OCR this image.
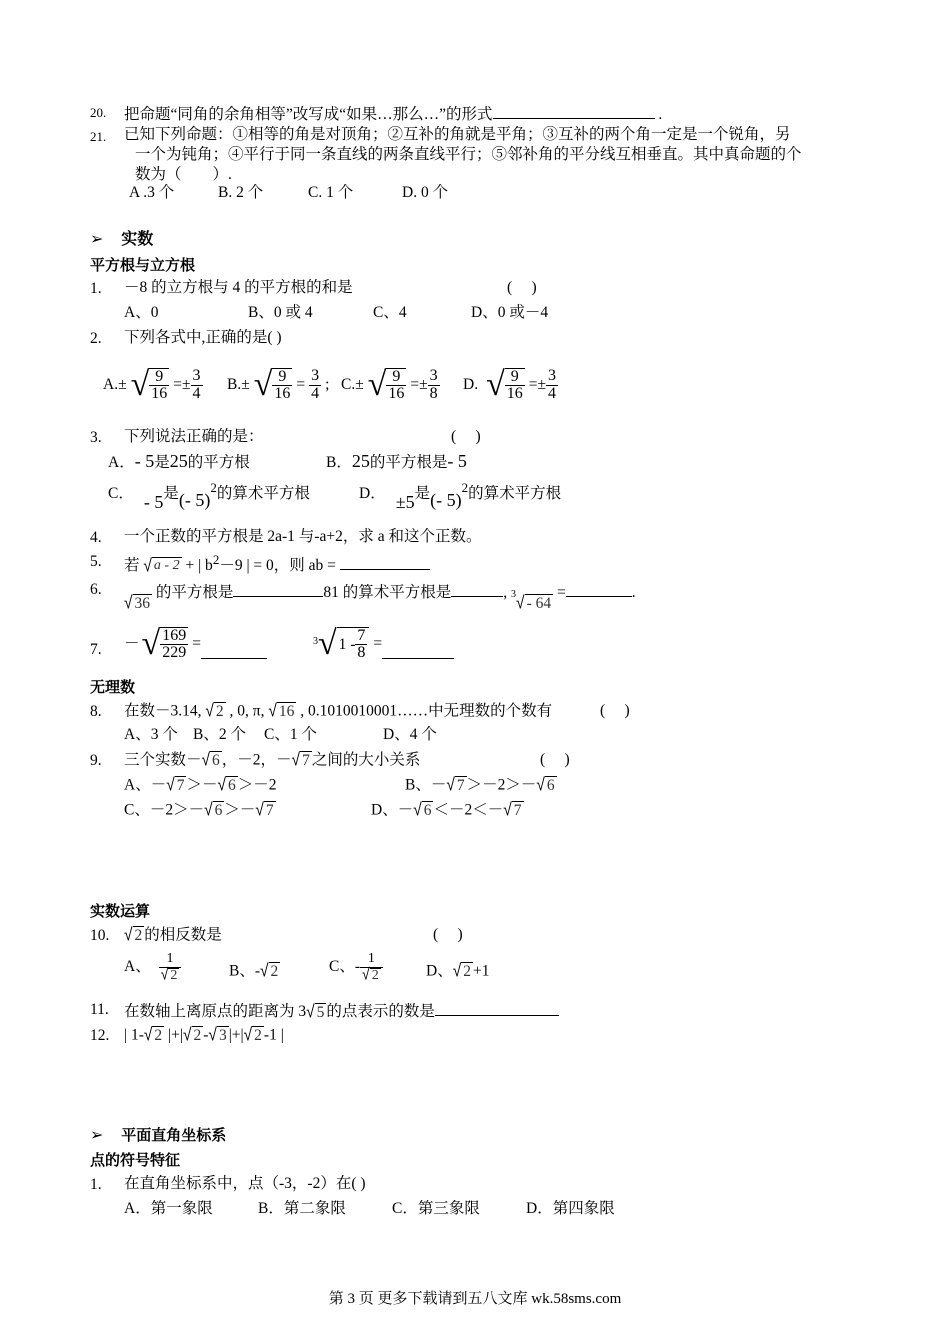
20. 把命题“同角的余角相等”改写成“如果…那么…”的形式	.
21. 已知下列命题：①相等的角是对顶角；②互补的角就是平角；③互补的两个角一定是一个锐角，另
一个为钝角；④平行于同一条直线的两条直线平行；⑤邻补角的平分线互相垂直。其中真命题的个
数为（　　）.
A .3 个	B. 2 个	C. 1 个	D. 0 个
➢ 实数
平方根与立方根
1. －8 的立方根与 4 的平方根的和是	(　 )
A、0	B、0 或 4	C、4	D、0 或－4
2. 下列各式中,正确的是( )
A.± √ $\frac{9}{16} =\pm \frac{3}{4} B.\pm$ √ $\frac{9}{16} = \frac{3}{4}$ ; C.± √ $\frac{9}{16} =\pm \frac{3}{8} D$. √ $\frac{9}{16} =\pm \frac{3}{4}$
3. 下列说法正确的是：	(　 )
A．- 5是25的平方根	B．25的平方根是- 5
C． - 5是(- 5)$^2$的算术平方根	D． ±5是(- 5)$^2$的算术平方根
4. 一个正数的平方根是 2a-1 与-a+2，求 a 和这个正数。
5. 若 √ a - 2 + | $b^2-9$ | = 0，则 ab =
6.
√ 36
的平方根是	81 的算术平方根是	, $^3$ √ - 64
=	.
7. － √ $\frac{169}{229}$ =	$^3$ √ $1 - \frac{7}{8}$ =
无理数
8. 在数－3.14, √ 2 , 0, π, √ 16 , 0.1010010001……中无理数的个数有	(　 )
A、3 个 B、2 个 C、1 个	D、4 个
9. 三个实数－ √ 6 ，－2，－ √ 7 之间的大小关系	(　 )
A、－ √ 7 ＞－ √ 6 ＞－2	B、－ √ 7 ＞－2＞－ √ 6
C、－2＞－ √ 6 ＞－ √ 7	D、－ √ 6 ＜－2＜－ √ 7
实数运算
10. √ 2 的相反数是	(　 )
A、 $\frac{1}{√ 2}$	B、- √ 2	C、- $\frac{1}{√ 2}$	D、 √ 2 +1
11. 在数轴上离原点的距离为 3 √ 5 的点表示的数是
12. | 1- √ 2 |+| √ 2 - √ 3 |+| √ 2 -1 |
➢ 平面直角坐标系
点的符号特征
1. 在直角坐标系中，点（-3，-2）在( )
A．第一象限	B．第二象限	C．第三象限	D．第四象限
第 3 页 更多下载请到五八文库 wk.58sms.com
